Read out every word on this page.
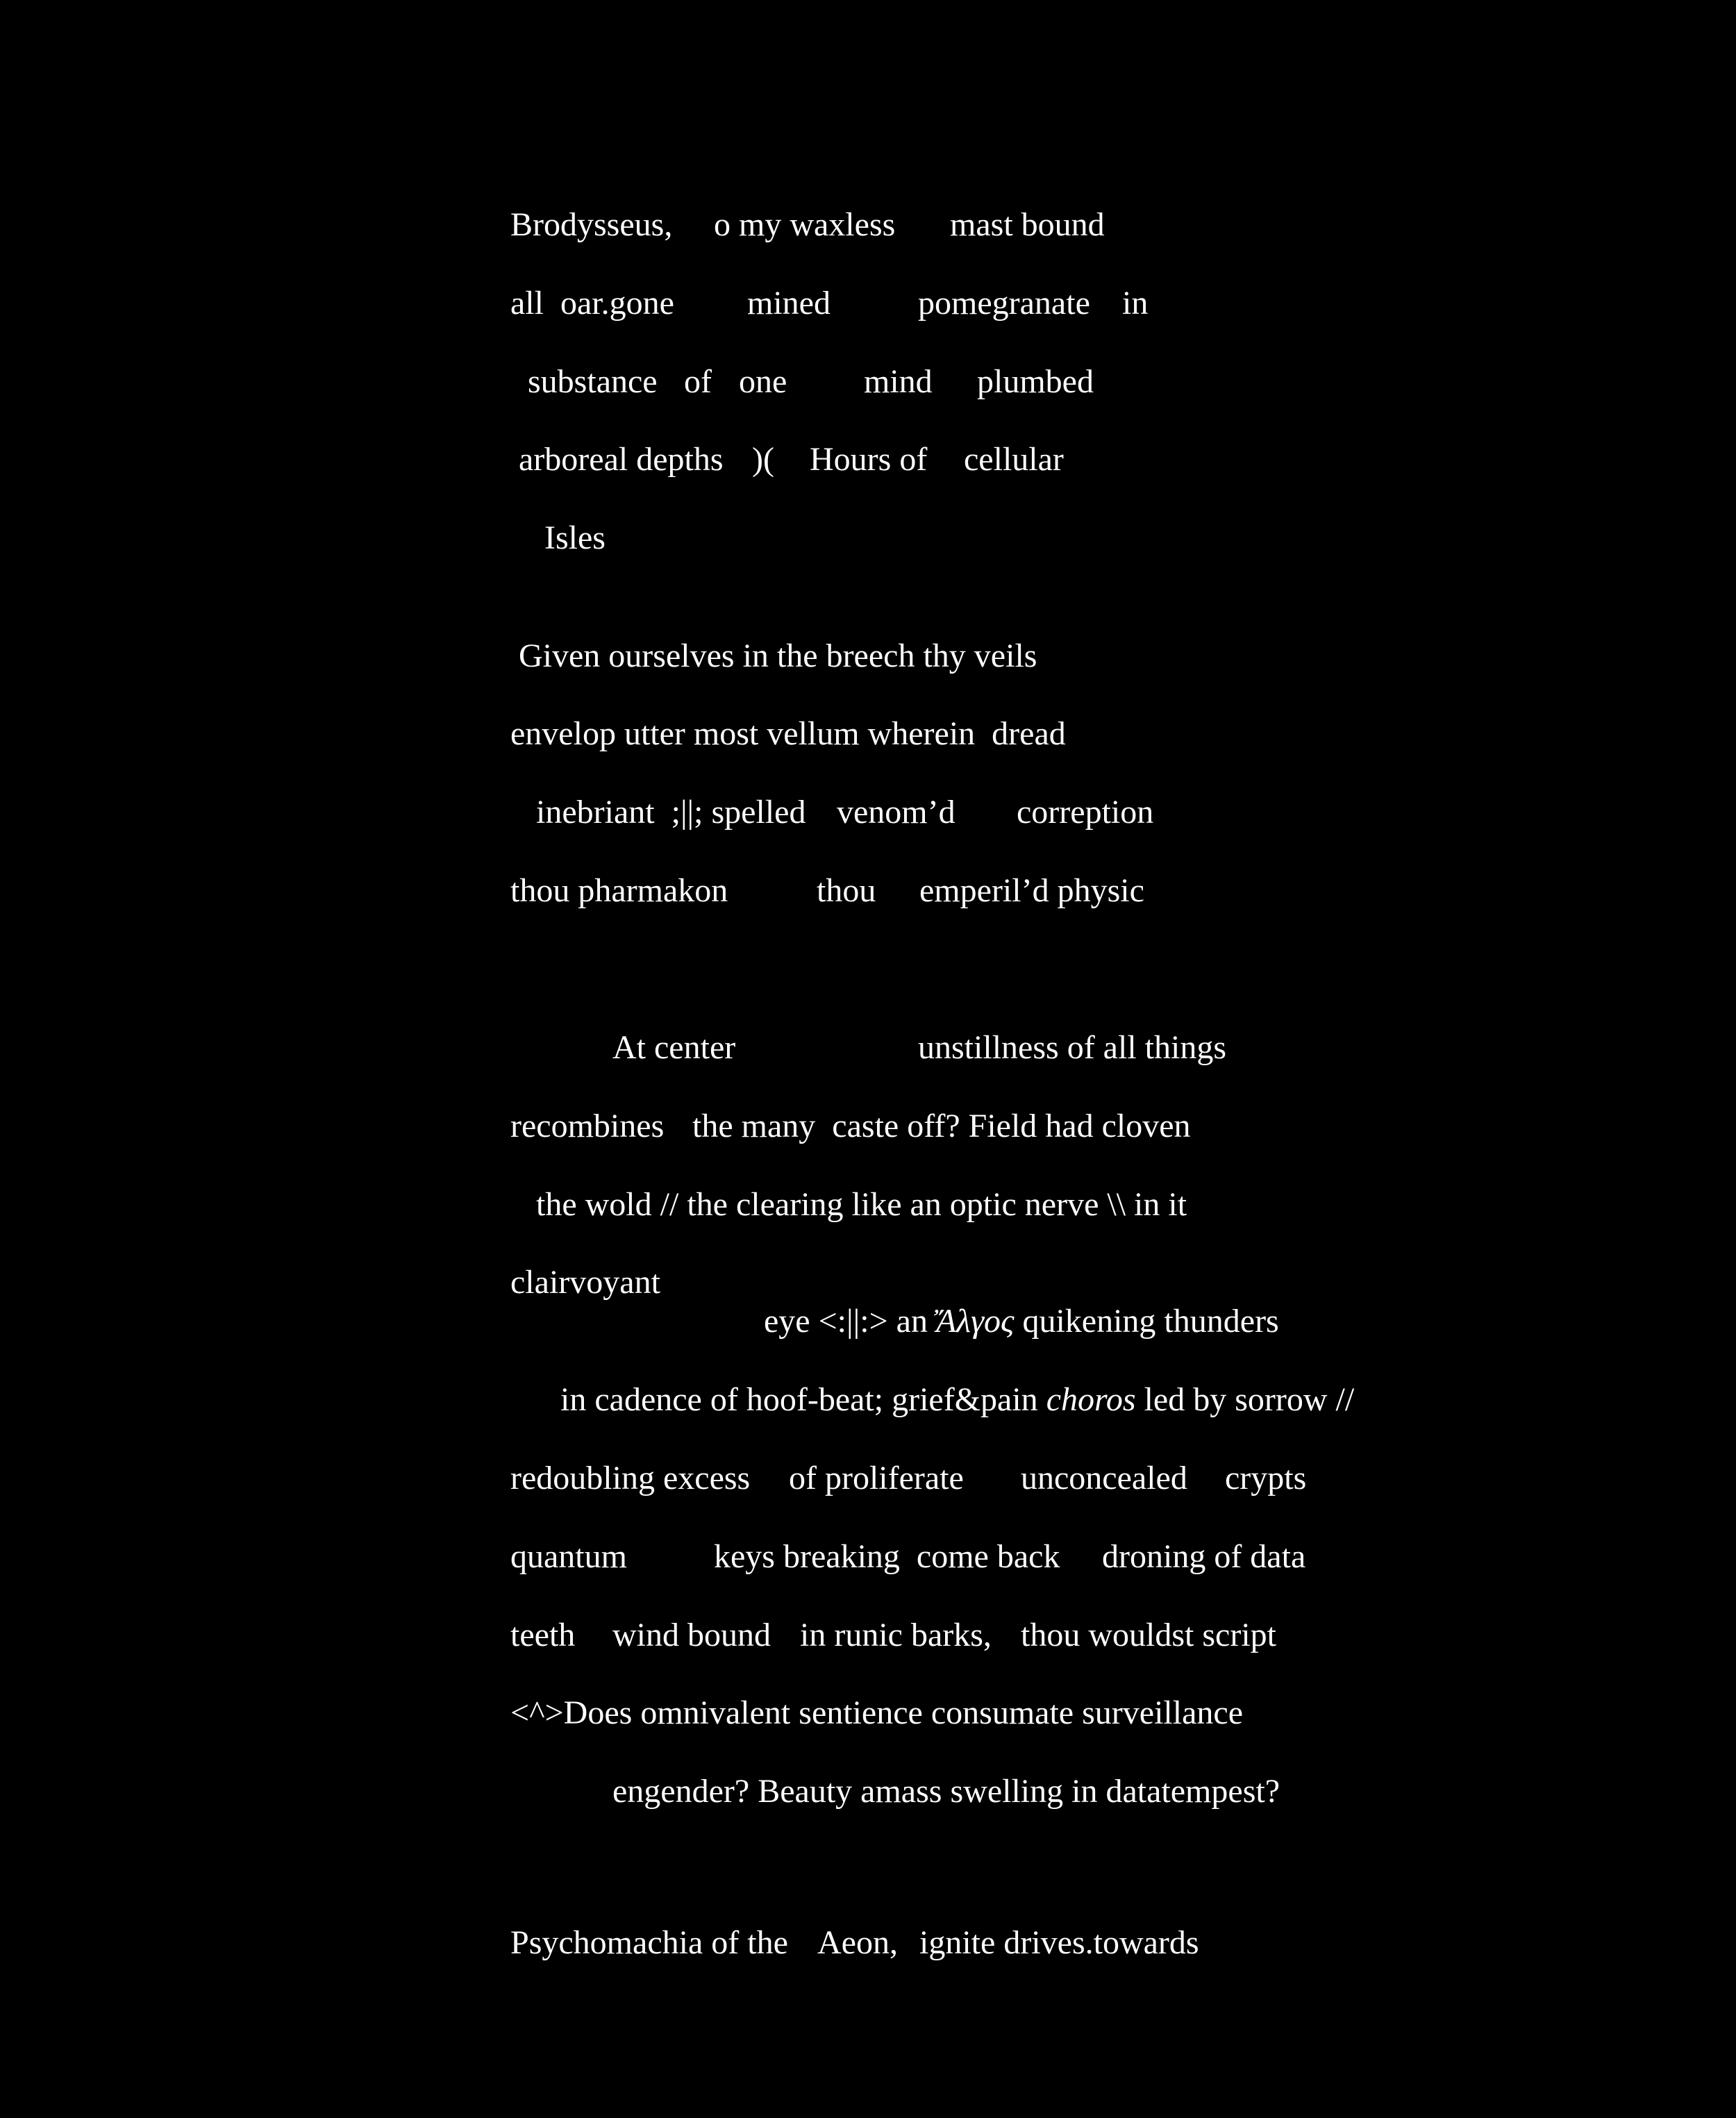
Brodysseus,

o my waxless

mast bound

all  oar.gone

mined

	pomegranate

in

substance

of

one

mind

plumbed

arboreal depths

)(

Hours of

cellular

Isles

Given ourselves in the breech thy veils

envelop utter most vellum wherein  dread

inebriant  ;||; spelled

venom’d

correption

thou pharmakon

	thou

emperil’d physic

At center

	unstillness of all things

recombines

the many  caste off? Field had cloven

the wold // the clearing like an optic nerve \\ in it

clairvoyant

eye <:||:> an Ἄλγος quikening thunders

in cadence of hoof-beat; grief&pain choros led by sorrow //

redoubling excess

of proliferate

unconcealed

crypts

quantum

	keys breaking  come back

droning of data

teeth

wind bound

in runic barks,

thou wouldst script

<^>Does omnivalent sentience consumate surveillance

engender? Beauty amass swelling in datatempest?

Psychomachia of the

Aeon,

ignite drives.towards
